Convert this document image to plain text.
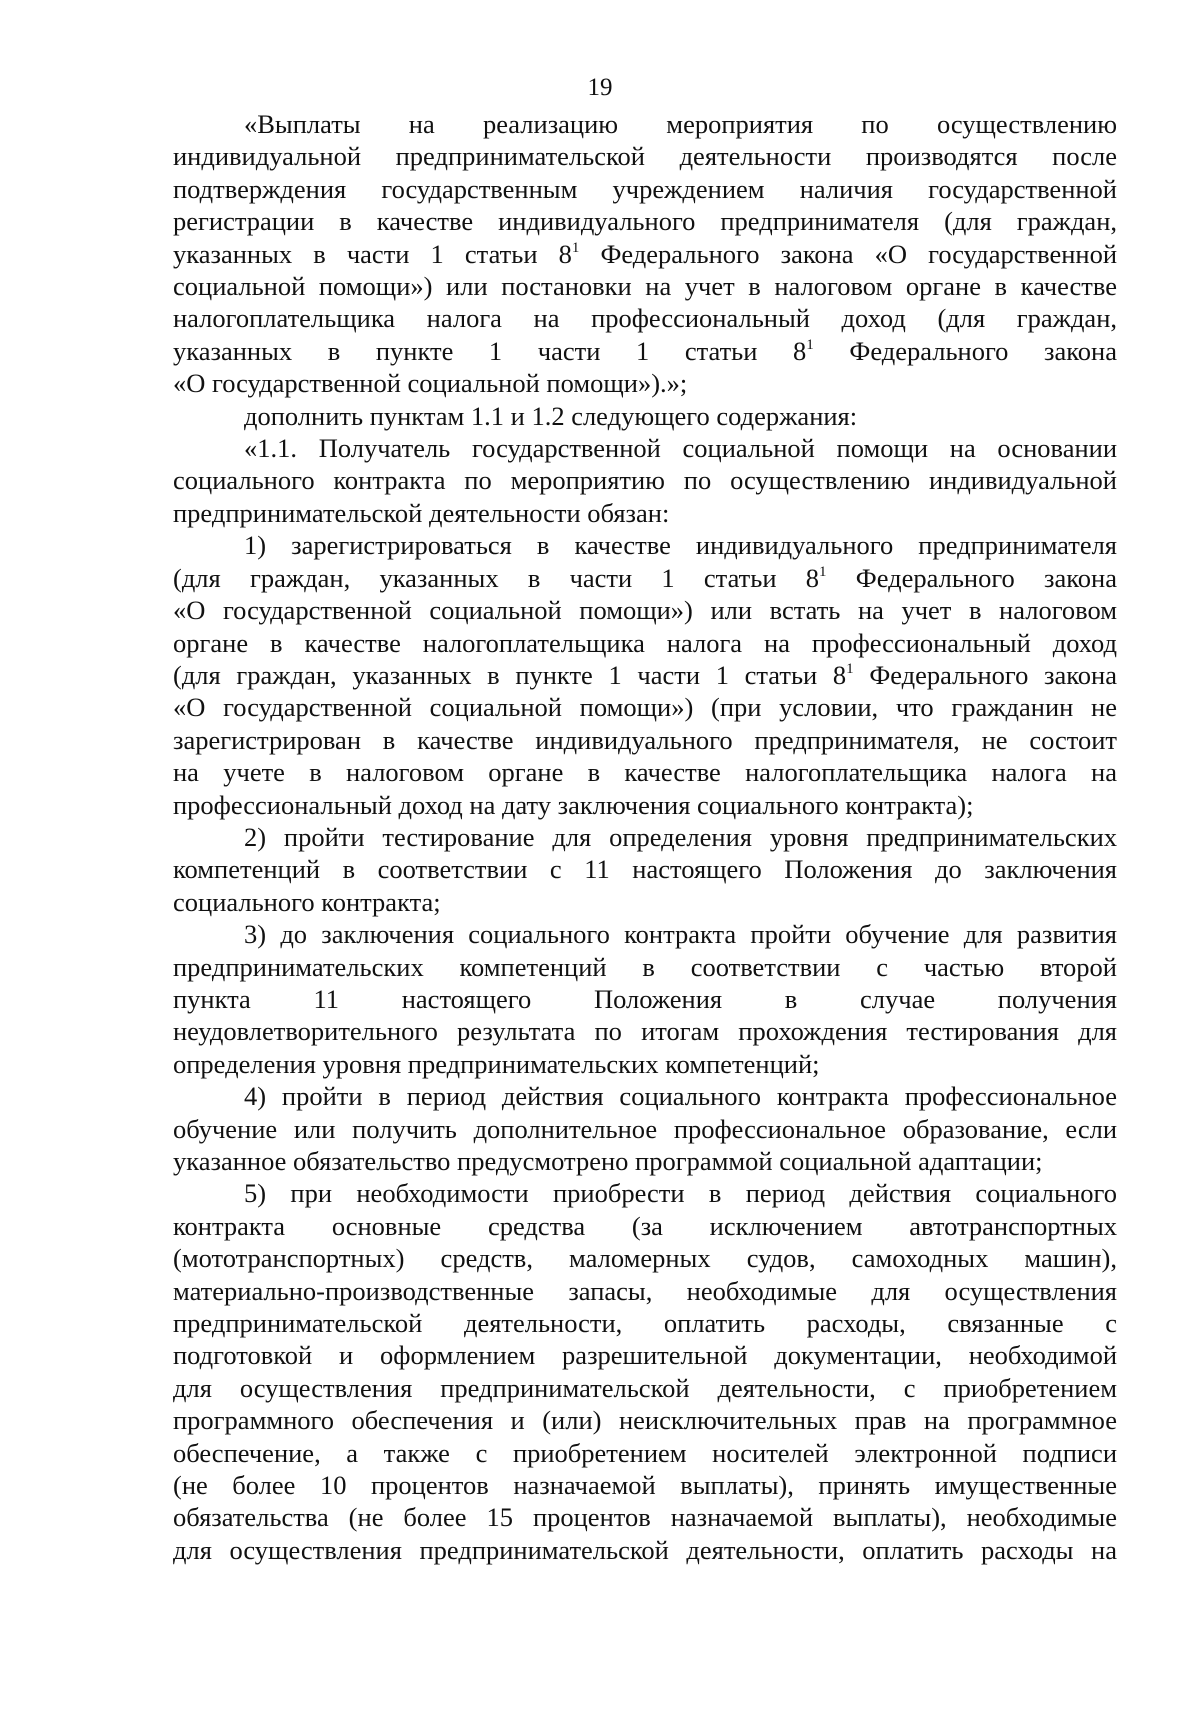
19
«Выплаты на реализацию мероприятия по осуществлению
индивидуальной предпринимательской деятельности производятся после
подтверждения государственным учреждением наличия государственной
регистрации в качестве индивидуального предпринимателя (для граждан,
указанных в части 1 статьи $8^1$ Федерального закона «О государственной
социальной помощи») или постановки на учет в налоговом органе в качестве
налогоплательщика налога на профессиональный доход (для граждан,
указанных в пункте 1 части 1 статьи $8^1$ Федерального закона
«О государственной социальной помощи»).»;
дополнить пунктам 1.1 и 1.2 следующего содержания:
«1.1. Получатель государственной социальной помощи на основании
социального контракта по мероприятию по осуществлению индивидуальной
предпринимательской деятельности обязан:
1) зарегистрироваться в качестве индивидуального предпринимателя
(для граждан, указанных в части 1 статьи $8^1$ Федерального закона
«О государственной социальной помощи») или встать на учет в налоговом
органе в качестве налогоплательщика налога на профессиональный доход
(для граждан, указанных в пункте 1 части 1 статьи $8^1$ Федерального закона
«О государственной социальной помощи») (при условии, что гражданин не
зарегистрирован в качестве индивидуального предпринимателя, не состоит
на учете в налоговом органе в качестве налогоплательщика налога на
профессиональный доход на дату заключения социального контракта);
2) пройти тестирование для определения уровня предпринимательских
компетенций в соответствии с 11 настоящего Положения до заключения
социального контракта;
3) до заключения социального контракта пройти обучение для развития
предпринимательских компетенций в соответствии с частью второй
пункта 11 настоящего Положения в случае получения
неудовлетворительного результата по итогам прохождения тестирования для
определения уровня предпринимательских компетенций;
4) пройти в период действия социального контракта профессиональное
обучение или получить дополнительное профессиональное образование, если
указанное обязательство предусмотрено программой социальной адаптации;
5) при необходимости приобрести в период действия социального
контракта основные средства (за исключением автотранспортных
(мототранспортных) средств, маломерных судов, самоходных машин),
материально-производственные запасы, необходимые для осуществления
предпринимательской деятельности, оплатить расходы, связанные с
подготовкой и оформлением разрешительной документации, необходимой
для осуществления предпринимательской деятельности, с приобретением
программного обеспечения и (или) неисключительных прав на программное
обеспечение, а также с приобретением носителей электронной подписи
(не более 10 процентов назначаемой выплаты), принять имущественные
обязательства (не более 15 процентов назначаемой выплаты), необходимые
для осуществления предпринимательской деятельности, оплатить расходы на
